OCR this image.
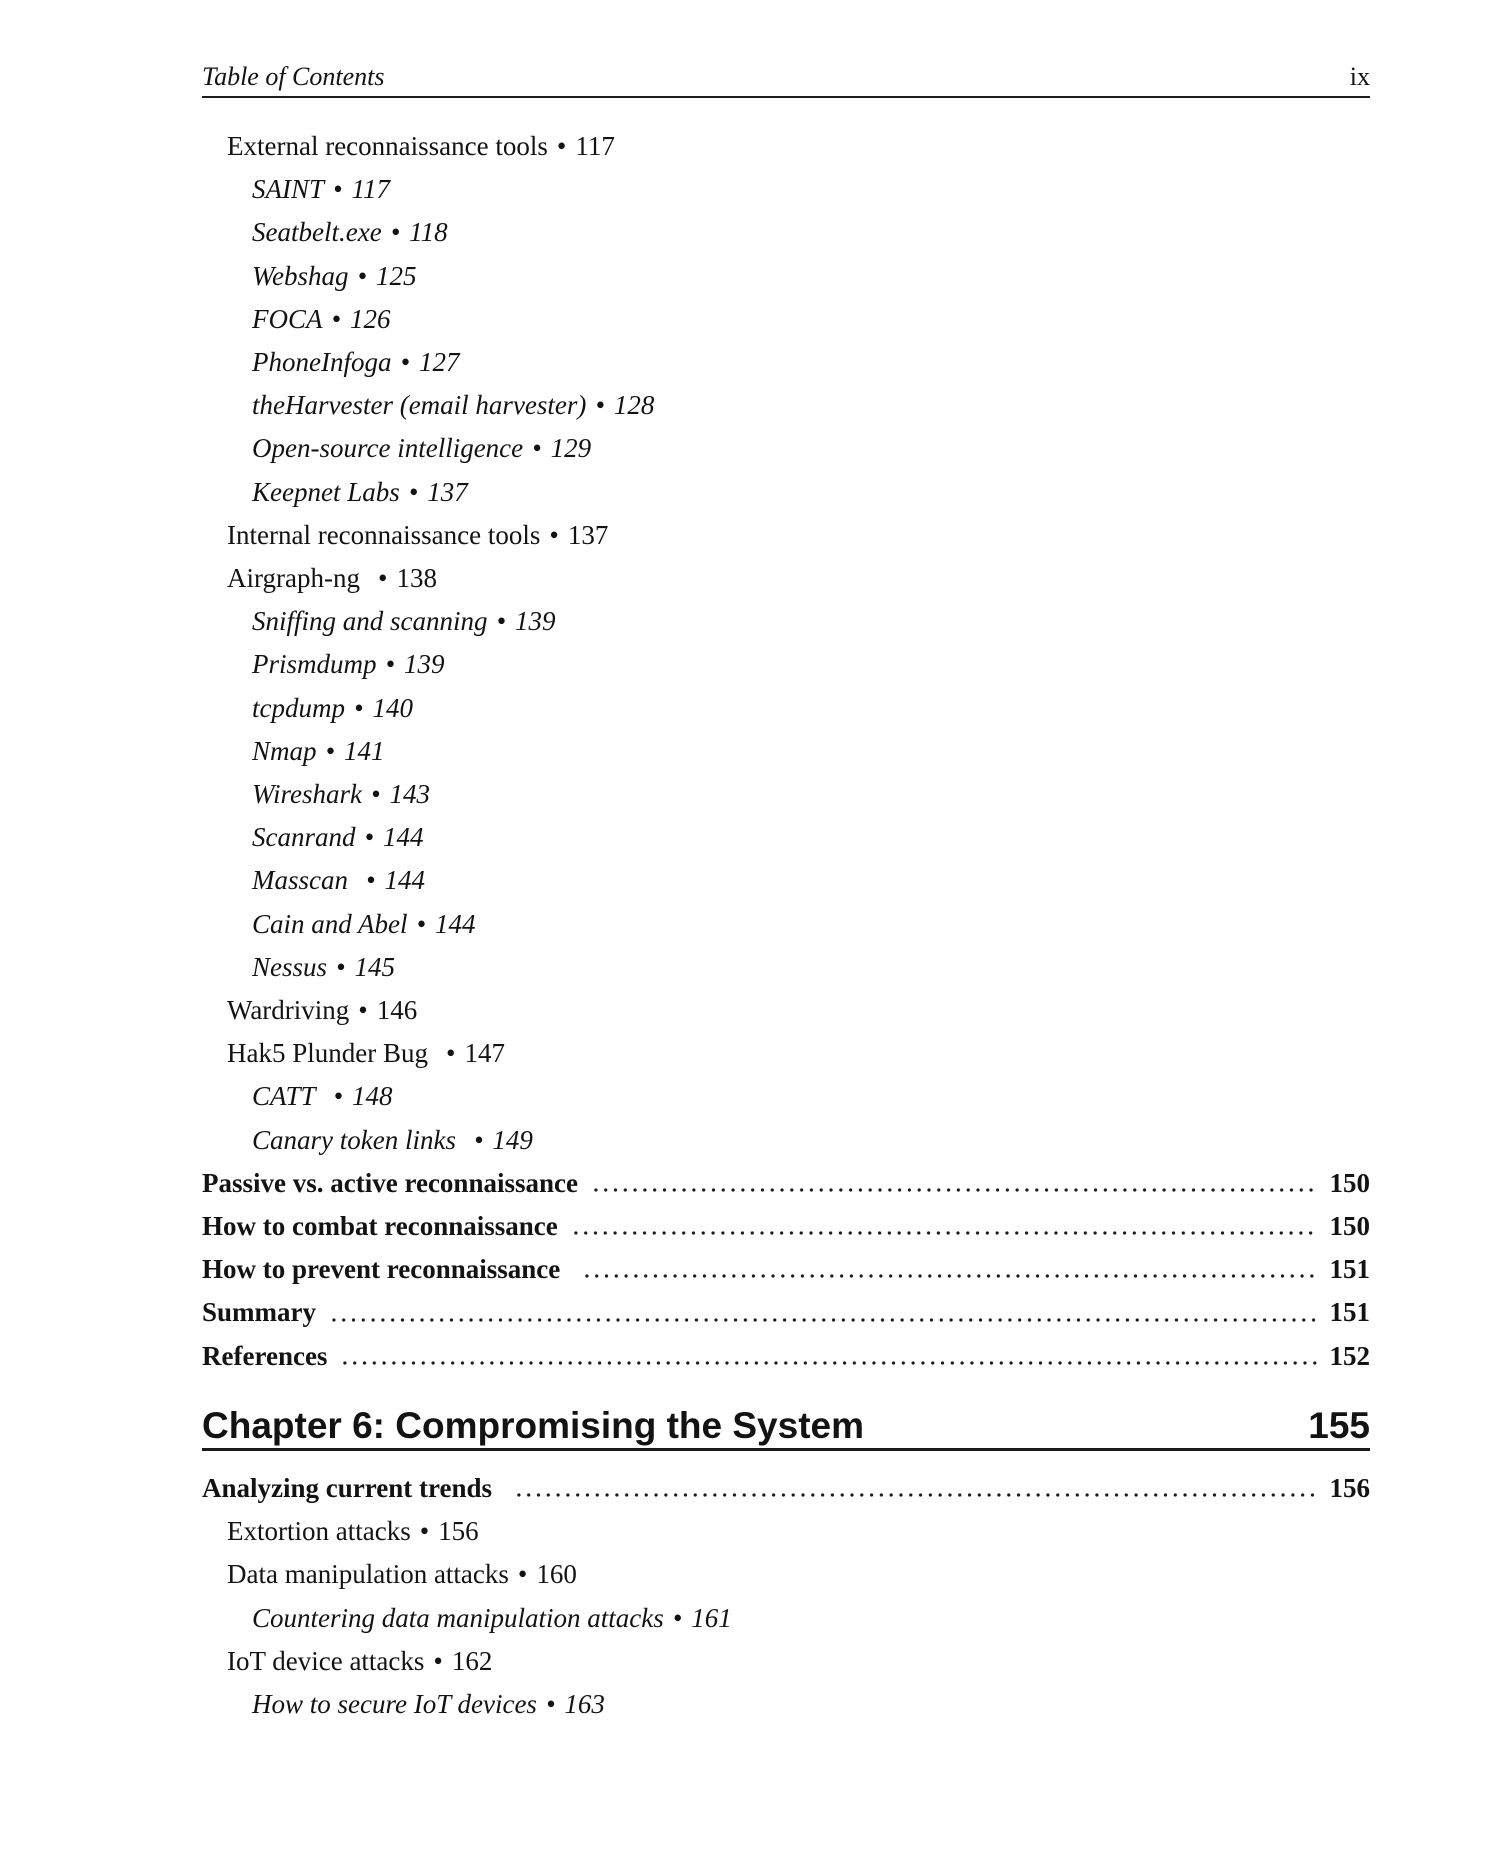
Table of Contents	ix
External reconnaissance tools • 117
SAINT • 117
Seatbelt.exe • 118
Webshag • 125
FOCA • 126
PhoneInfoga • 127
theHarvester (email harvester) • 128
Open-source intelligence • 129
Keepnet Labs • 137
Internal reconnaissance tools • 137
Airgraph-ng • 138
Sniffing and scanning • 139
Prismdump • 139
tcpdump • 140
Nmap • 141
Wireshark • 143
Scanrand • 144
Masscan • 144
Cain and Abel • 144
Nessus • 145
Wardriving • 146
Hak5 Plunder Bug • 147
CATT • 148
Canary token links • 149
Passive vs. active reconnaissance	150
How to combat reconnaissance	150
How to prevent reconnaissance	151
Summary	151
References	152
Chapter 6: Compromising the System	155
Analyzing current trends	156
Extortion attacks • 156
Data manipulation attacks • 160
Countering data manipulation attacks • 161
IoT device attacks • 162
How to secure IoT devices • 163
